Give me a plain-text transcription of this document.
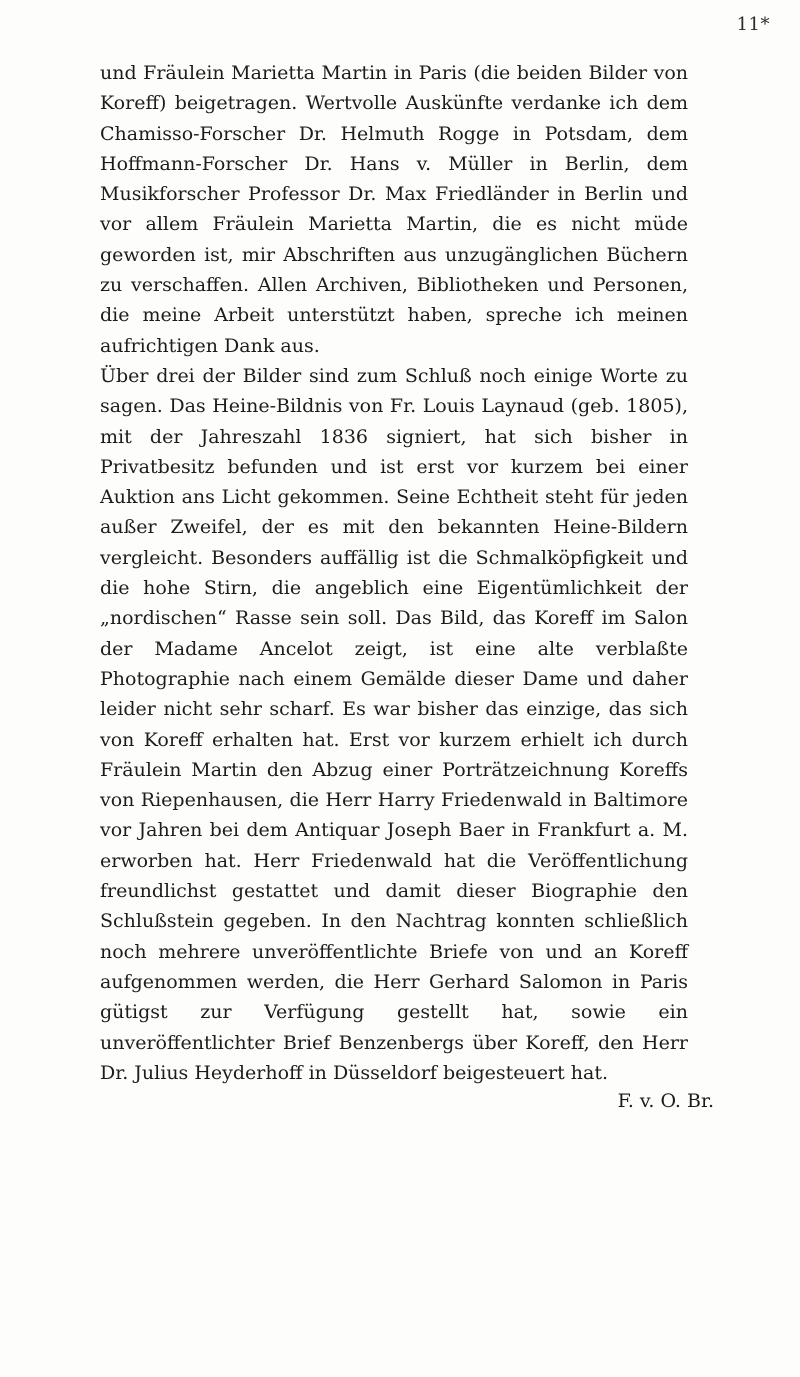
11*

und Fräulein Marietta Martin in Paris (die beiden Bilder von Koreff) beigetragen. Wertvolle Auskünfte verdanke ich dem Chamisso-Forscher Dr. Helmuth Rogge in Potsdam, dem Hoffmann-Forscher Dr. Hans v. Müller in Berlin, dem Musikforscher Professor Dr. Max Friedländer in Berlin und vor allem Fräulein Marietta Martin, die es nicht müde geworden ist, mir Abschriften aus unzugänglichen Büchern zu verschaffen. Allen Archiven, Bibliotheken und Personen, die meine Arbeit unterstützt haben, spreche ich meinen aufrichtigen Dank aus.

Über drei der Bilder sind zum Schluß noch einige Worte zu sagen. Das Heine-Bildnis von Fr. Louis Laynaud (geb. 1805), mit der Jahreszahl 1836 signiert, hat sich bisher in Privatbesitz befunden und ist erst vor kurzem bei einer Auktion ans Licht gekommen. Seine Echtheit steht für jeden außer Zweifel, der es mit den bekannten Heine-Bildern vergleicht. Besonders auffällig ist die Schmalköpfigkeit und die hohe Stirn, die angeblich eine Eigentümlichkeit der „nordischen“ Rasse sein soll. Das Bild, das Koreff im Salon der Madame Ancelot zeigt, ist eine alte verblaßte Photographie nach einem Gemälde dieser Dame und daher leider nicht sehr scharf. Es war bisher das einzige, das sich von Koreff erhalten hat. Erst vor kurzem erhielt ich durch Fräulein Martin den Abzug einer Porträtzeichnung Koreffs von Riepenhausen, die Herr Harry Friedenwald in Baltimore vor Jahren bei dem Antiquar Joseph Baer in Frankfurt a. M. erworben hat. Herr Friedenwald hat die Veröffentlichung freundlichst gestattet und damit dieser Biographie den Schlußstein gegeben. In den Nachtrag konnten schließlich noch mehrere unveröffentlichte Briefe von und an Koreff aufgenommen werden, die Herr Gerhard Salomon in Paris gütigst zur Verfügung gestellt hat, sowie ein unveröffentlichter Brief Benzenbergs über Koreff, den Herr Dr. Julius Heyderhoff in Düsseldorf beigesteuert hat.

F. v. O. Br.
